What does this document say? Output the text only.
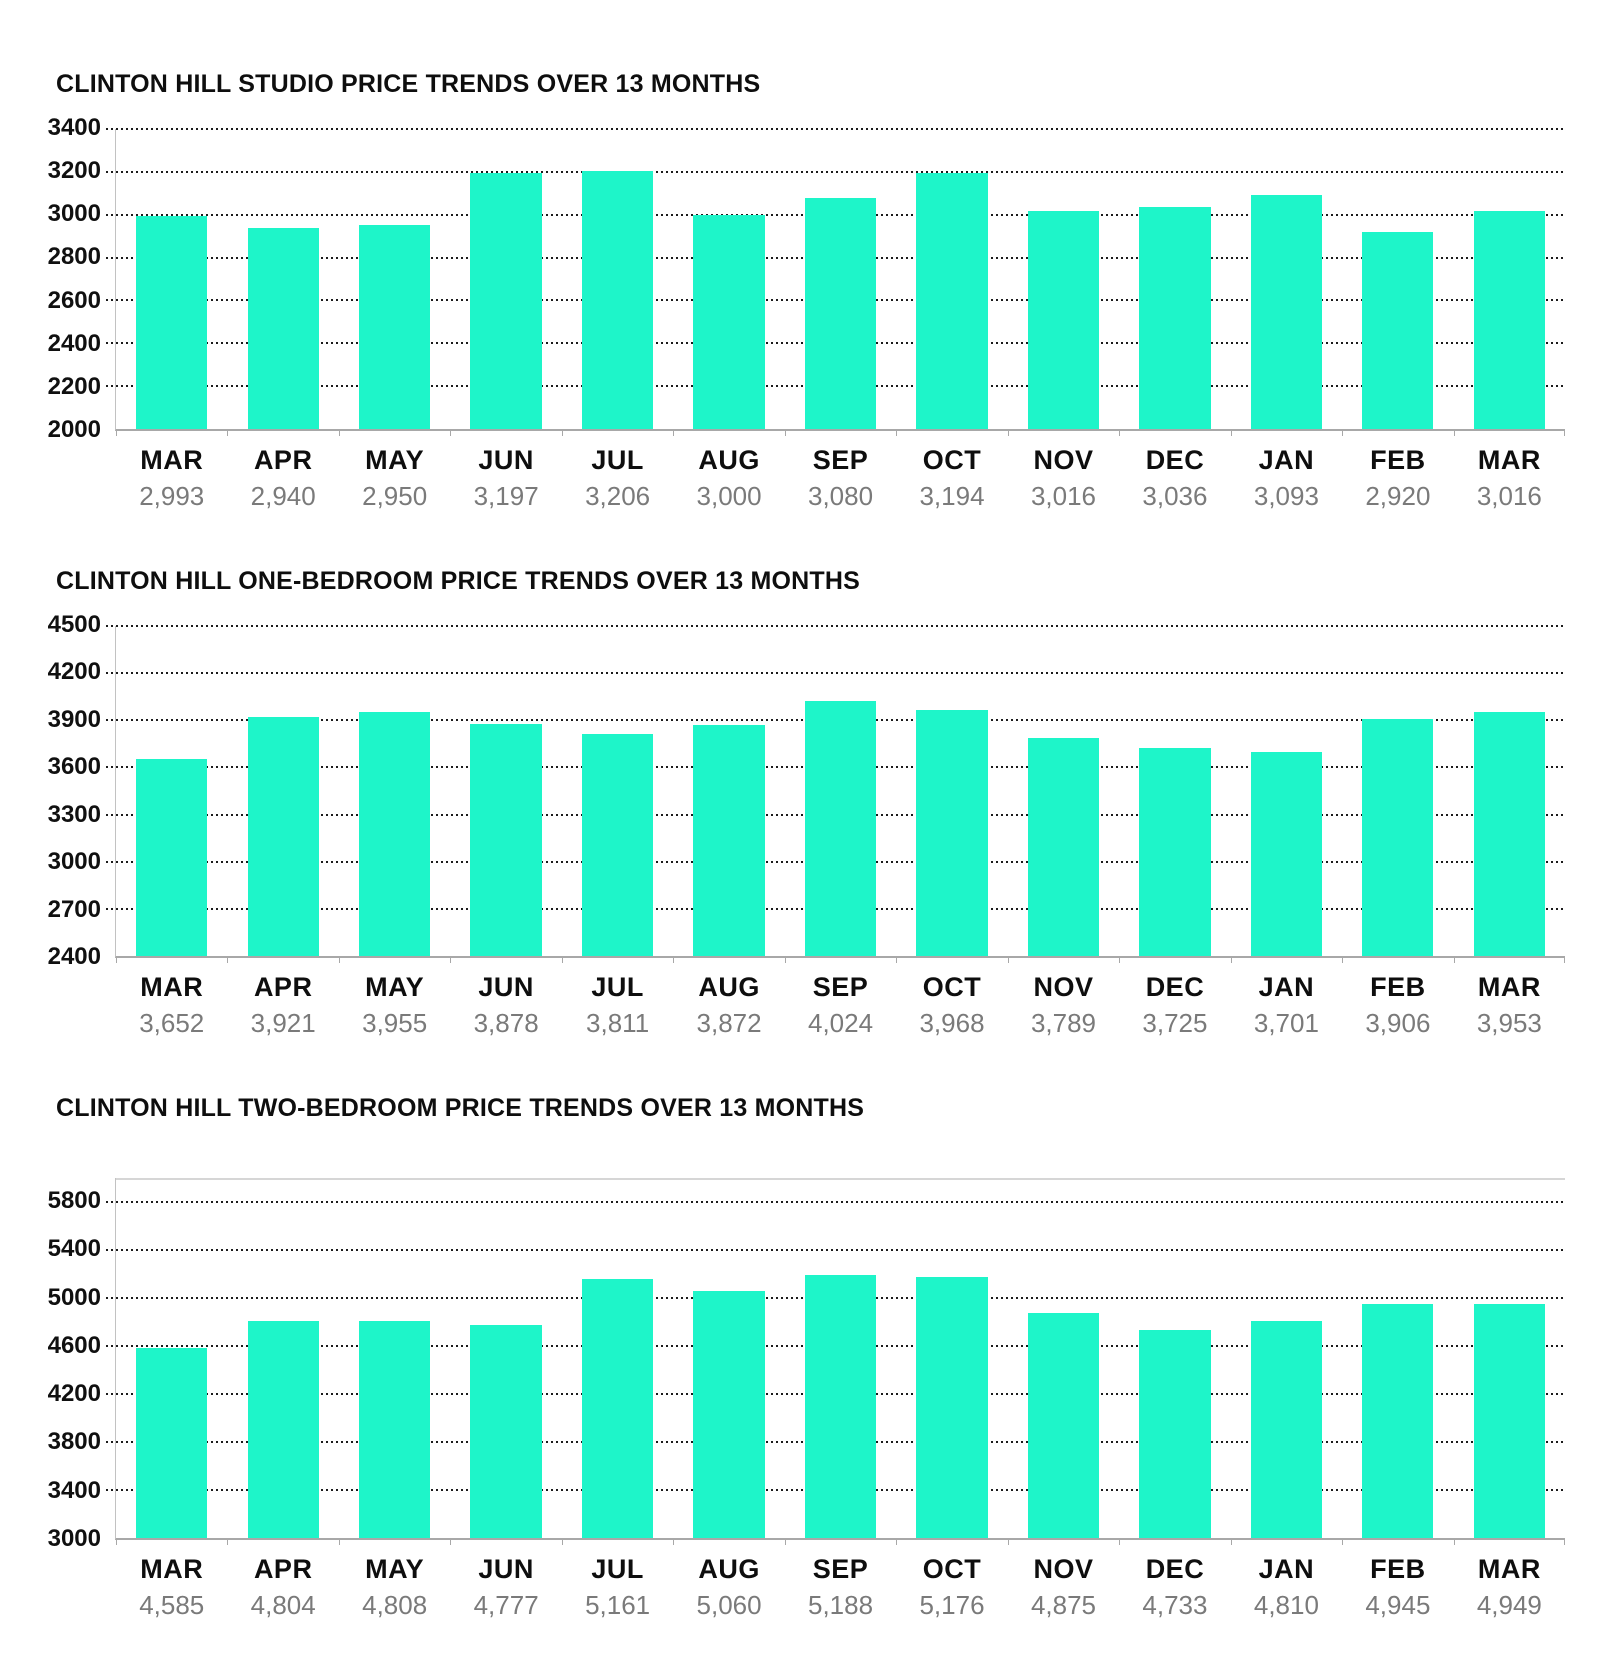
CLINTON HILL STUDIO PRICE TRENDS OVER 13 MONTHS
3400
3200
3000
2800
2600
2400
2200
2000
MAR
2,993
APR
2,940
MAY
2,950
JUN
3,197
JUL
3,206
AUG
3,000
SEP
3,080
OCT
3,194
NOV
3,016
DEC
3,036
JAN
3,093
FEB
2,920
MAR
3,016
CLINTON HILL ONE-BEDROOM PRICE TRENDS OVER 13 MONTHS
4500
4200
3900
3600
3300
3000
2700
2400
MAR
3,652
APR
3,921
MAY
3,955
JUN
3,878
JUL
3,811
AUG
3,872
SEP
4,024
OCT
3,968
NOV
3,789
DEC
3,725
JAN
3,701
FEB
3,906
MAR
3,953
CLINTON HILL TWO-BEDROOM PRICE TRENDS OVER 13 MONTHS
5800
5400
5000
4600
4200
3800
3400
3000
MAR
4,585
APR
4,804
MAY
4,808
JUN
4,777
JUL
5,161
AUG
5,060
SEP
5,188
OCT
5,176
NOV
4,875
DEC
4,733
JAN
4,810
FEB
4,945
MAR
4,949
